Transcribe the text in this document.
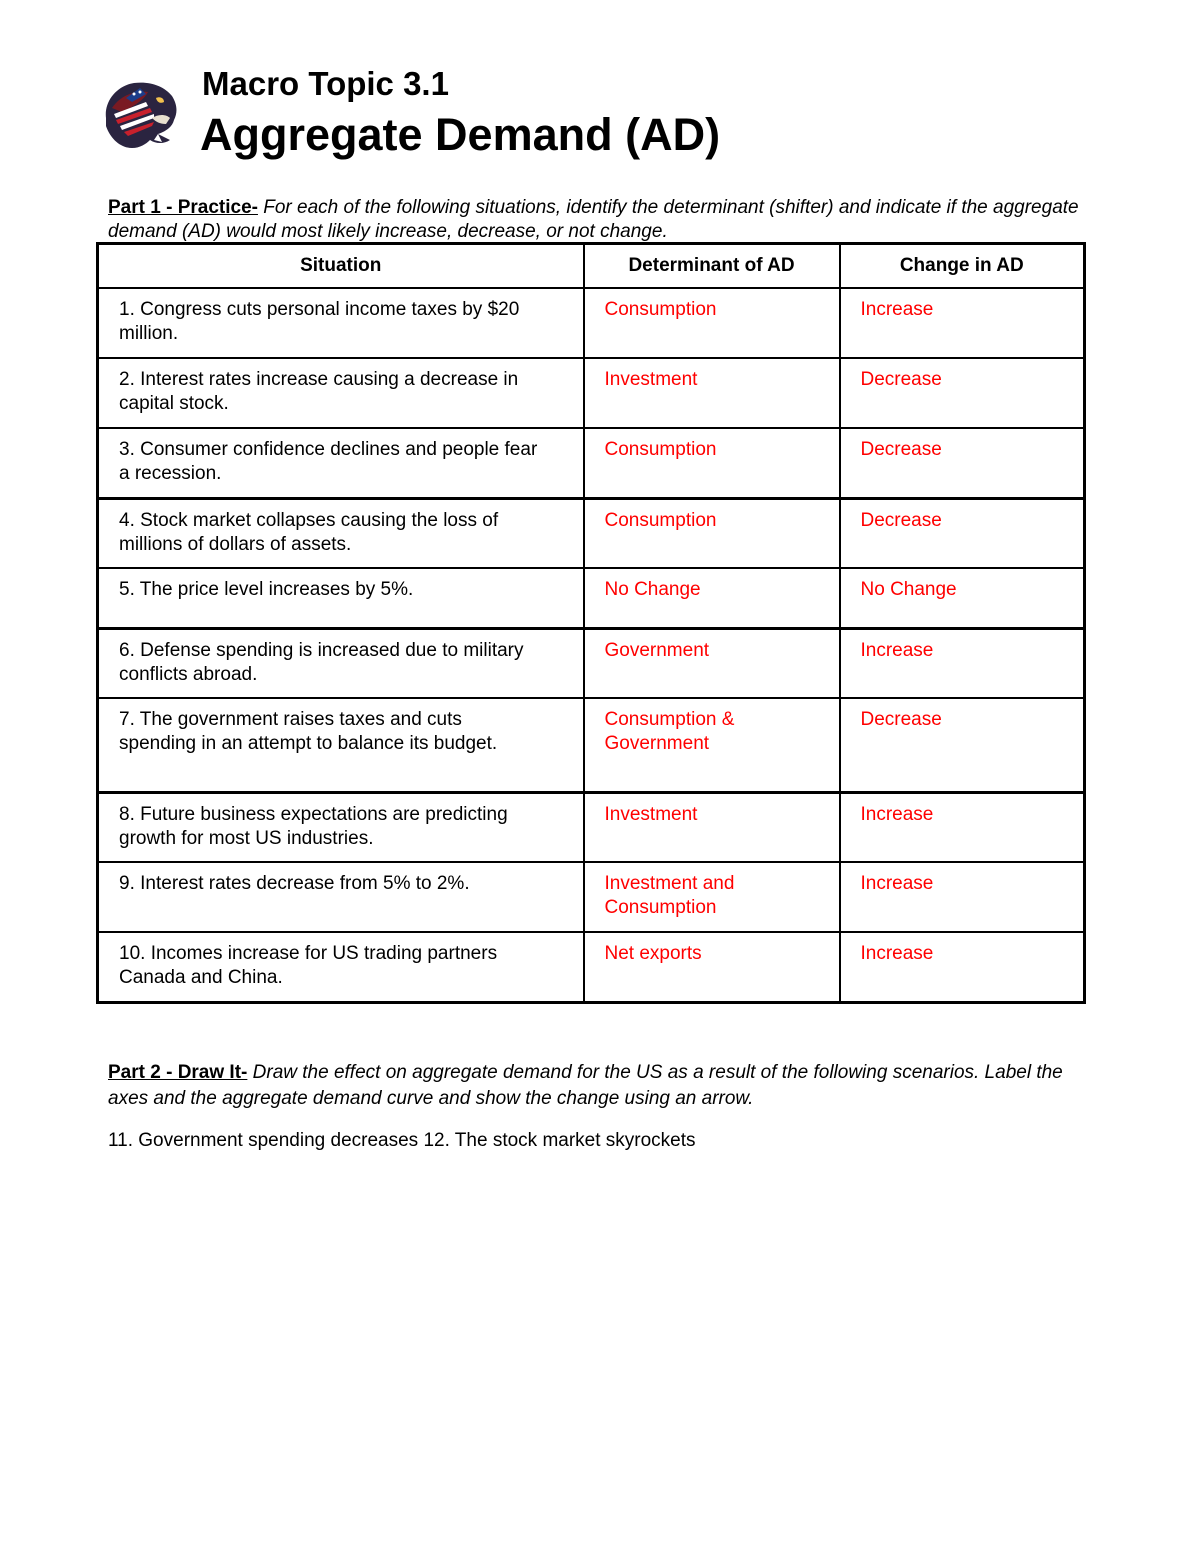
Macro Topic 3.1
Aggregate Demand (AD)
Part 1 - Practice- For each of the following situations, identify the determinant (shifter) and indicate if the aggregate demand (AD) would most likely increase, decrease, or not change.
Situation	Determinant of AD	Change in AD
1. Congress cuts personal income taxes by $20 million.	Consumption	Increase
2. Interest rates increase causing a decrease in capital stock.	Investment	Decrease
3. Consumer confidence declines and people fear a recession.	Consumption	Decrease
4. Stock market collapses causing the loss of millions of dollars of assets.	Consumption	Decrease
5. The price level increases by 5%.	No Change	No Change
6. Defense spending is increased due to military conflicts abroad.	Government	Increase
7. The government raises taxes and cuts spending in an attempt to balance its budget.	Consumption & Government	Decrease
8. Future business expectations are predicting growth for most US industries.	Investment	Increase
9. Interest rates decrease from 5% to 2%.	Investment and Consumption	Increase
10. Incomes increase for US trading partners Canada and China.	Net exports	Increase
Part 2 - Draw It- Draw the effect on aggregate demand for the US as a result of the following scenarios. Label the axes and the aggregate demand curve and show the change using an arrow.
11. Government spending decreases 12. The stock market skyrockets
